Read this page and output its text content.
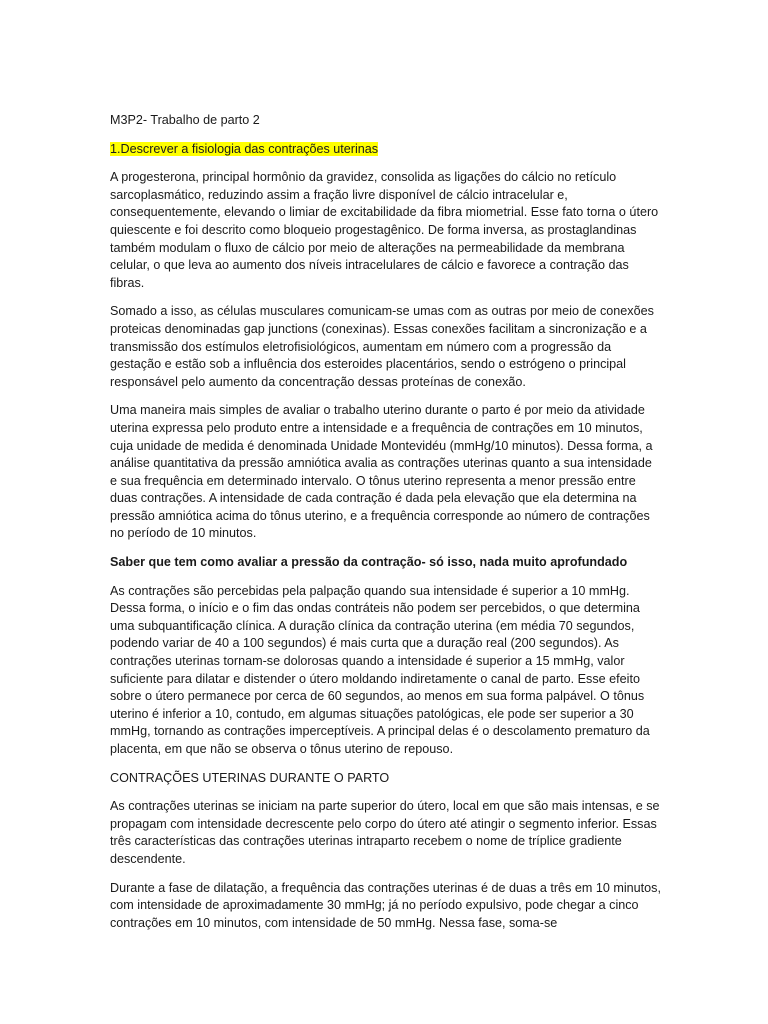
M3P2- Trabalho de parto 2

1.Descrever a fisiologia das contrações uterinas

A progesterona, principal hormônio da gravidez, consolida as ligações do cálcio no retículo sarcoplasmático, reduzindo assim a fração livre disponível de cálcio intracelular e, consequentemente, elevando o limiar de excitabilidade da fibra miometrial. Esse fato torna o útero quiescente e foi descrito como bloqueio progestagênico. De forma inversa, as prostaglandinas também modulam o fluxo de cálcio por meio de alterações na permeabilidade da membrana celular, o que leva ao aumento dos níveis intracelulares de cálcio e favorece a contração das fibras.

Somado a isso, as células musculares comunicam-se umas com as outras por meio de conexões proteicas denominadas gap junctions (conexinas). Essas conexões facilitam a sincronização e a transmissão dos estímulos eletrofisiológicos, aumentam em número com a progressão da gestação e estão sob a influência dos esteroides placentários, sendo o estrógeno o principal responsável pelo aumento da concentração dessas proteínas de conexão.

Uma maneira mais simples de avaliar o trabalho uterino durante o parto é por meio da atividade uterina expressa pelo produto entre a intensidade e a frequência de contrações em 10 minutos, cuja unidade de medida é denominada Unidade Montevidéu (mmHg/10 minutos). Dessa forma, a análise quantitativa da pressão amniótica avalia as contrações uterinas quanto a sua intensidade e sua frequência em determinado intervalo. O tônus uterino representa a menor pressão entre duas contrações. A intensidade de cada contração é dada pela elevação que ela determina na pressão amniótica acima do tônus uterino, e a frequência corresponde ao número de contrações no período de 10 minutos.

Saber que tem como avaliar a pressão da contração- só isso, nada muito aprofundado

As contrações são percebidas pela palpação quando sua intensidade é superior a 10 mmHg. Dessa forma, o início e o fim das ondas contráteis não podem ser percebidos, o que determina uma subquantificação clínica. A duração clínica da contração uterina (em média 70 segundos, podendo variar de 40 a 100 segundos) é mais curta que a duração real (200 segundos). As contrações uterinas tornam-se dolorosas quando a intensidade é superior a 15 mmHg, valor suficiente para dilatar e distender o útero moldando indiretamente o canal de parto. Esse efeito sobre o útero permanece por cerca de 60 segundos, ao menos em sua forma palpável. O tônus uterino é inferior a 10, contudo, em algumas situações patológicas, ele pode ser superior a 30 mmHg, tornando as contrações imperceptíveis. A principal delas é o descolamento prematuro da placenta, em que não se observa o tônus uterino de repouso.

CONTRAÇÕES UTERINAS DURANTE O PARTO

As contrações uterinas se iniciam na parte superior do útero, local em que são mais intensas, e se propagam com intensidade decrescente pelo corpo do útero até atingir o segmento inferior. Essas três características das contrações uterinas intraparto recebem o nome de tríplice gradiente descendente.

Durante a fase de dilatação, a frequência das contrações uterinas é de duas a três em 10 minutos, com intensidade de aproximadamente 30 mmHg; já no período expulsivo, pode chegar a cinco contrações em 10 minutos, com intensidade de 50 mmHg. Nessa fase, soma-se
